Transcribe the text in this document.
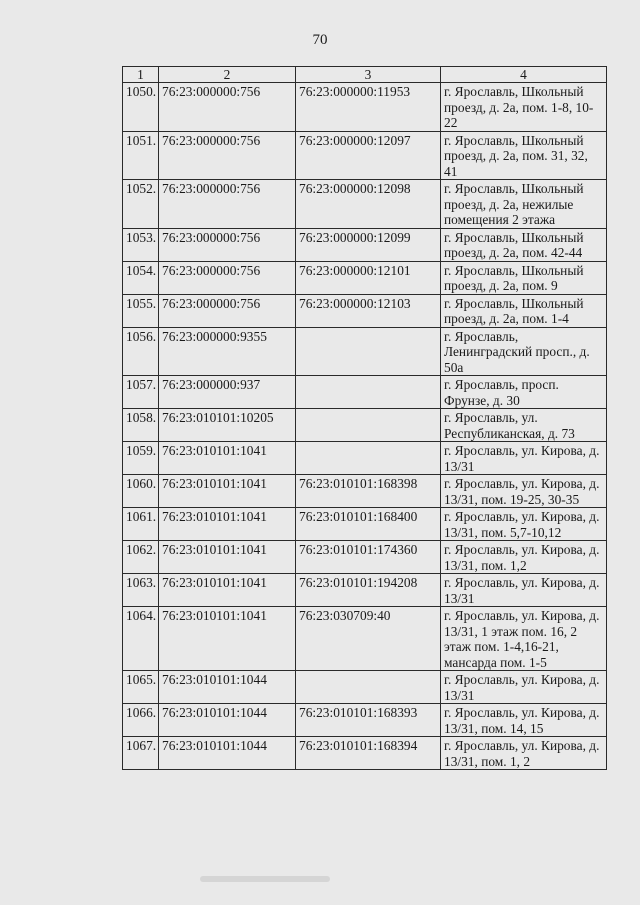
70
1	2	3	4
1050.	76:23:000000:756	76:23:000000:11953	г. Ярославль, Школьный проезд, д. 2а, пом. 1-8, 10-22
1051.	76:23:000000:756	76:23:000000:12097	г. Ярославль, Школьный проезд, д. 2а, пом. 31, 32, 41
1052.	76:23:000000:756	76:23:000000:12098	г. Ярославль, Школьный проезд, д. 2а, нежилые помещения 2 этажа
1053.	76:23:000000:756	76:23:000000:12099	г. Ярославль, Школьный проезд, д. 2а, пом. 42-44
1054.	76:23:000000:756	76:23:000000:12101	г. Ярославль, Школьный проезд, д. 2а, пом. 9
1055.	76:23:000000:756	76:23:000000:12103	г. Ярославль, Школьный проезд, д. 2а, пом. 1-4
1056.	76:23:000000:9355		г. Ярославль, Ленинградский просп., д. 50а
1057.	76:23:000000:937		г. Ярославль, просп. Фрунзе, д. 30
1058.	76:23:010101:10205		г. Ярославль, ул. Республиканская, д. 73
1059.	76:23:010101:1041		г. Ярославль, ул. Кирова, д. 13/31
1060.	76:23:010101:1041	76:23:010101:168398	г. Ярославль, ул. Кирова, д. 13/31, пом. 19-25, 30-35
1061.	76:23:010101:1041	76:23:010101:168400	г. Ярославль, ул. Кирова, д. 13/31, пом. 5,7-10,12
1062.	76:23:010101:1041	76:23:010101:174360	г. Ярославль, ул. Кирова, д. 13/31, пом. 1,2
1063.	76:23:010101:1041	76:23:010101:194208	г. Ярославль, ул. Кирова, д. 13/31
1064.	76:23:010101:1041	76:23:030709:40	г. Ярославль, ул. Кирова, д. 13/31, 1 этаж пом. 16, 2 этаж пом. 1-4,16-21, мансарда пом. 1-5
1065.	76:23:010101:1044		г. Ярославль, ул. Кирова, д. 13/31
1066.	76:23:010101:1044	76:23:010101:168393	г. Ярославль, ул. Кирова, д. 13/31, пом. 14, 15
1067.	76:23:010101:1044	76:23:010101:168394	г. Ярославль, ул. Кирова, д. 13/31, пом. 1, 2
